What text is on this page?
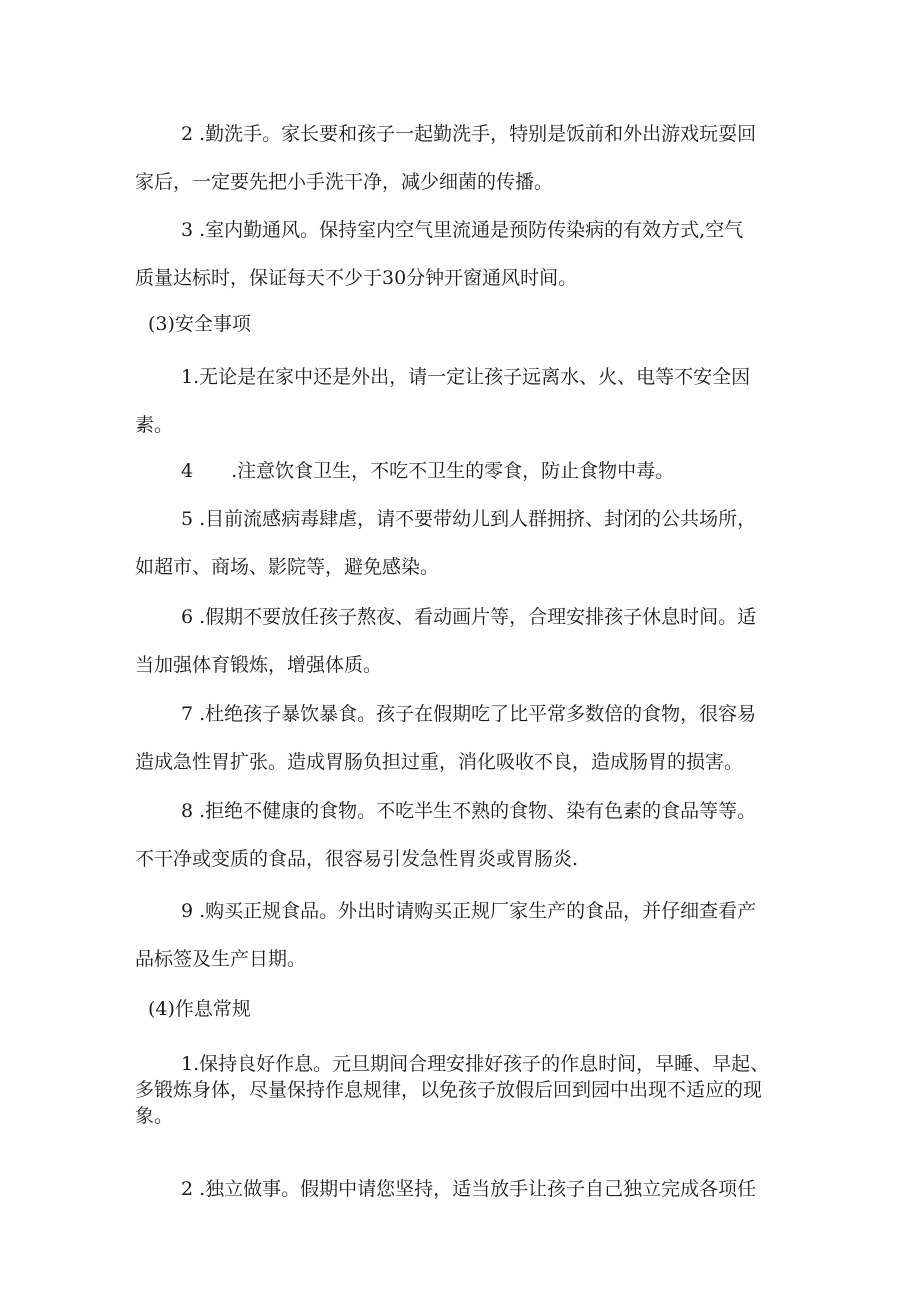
2 .勤洗手。家长要和孩子一起勤洗手，特别是饭前和外出游戏玩耍回
家后，一定要先把小手洗干净，减少细菌的传播。
3 .室内勤通风。保持室内空气里流通是预防传染病的有效方式,空气
质量达标时，保证每天不少于30分钟开窗通风时间。
(3)安全事项
1.无论是在家中还是外出，请一定让孩子远离水、火、电等不安全因
素。
4 .注意饮食卫生，不吃不卫生的零食，防止食物中毒。
5 .目前流感病毒肆虐，请不要带幼儿到人群拥挤、封闭的公共场所，
如超市、商场、影院等，避免感染。
6 .假期不要放任孩子熬夜、看动画片等，合理安排孩子休息时间。适
当加强体育锻炼，增强体质。
7 .杜绝孩子暴饮暴食。孩子在假期吃了比平常多数倍的食物，很容易
造成急性胃扩张。造成胃肠负担过重，消化吸收不良，造成肠胃的损害。
8 .拒绝不健康的食物。不吃半生不熟的食物、染有色素的食品等等。
不干净或变质的食品，很容易引发急性胃炎或胃肠炎.
9 .购买正规食品。外出时请购买正规厂家生产的食品，并仔细查看产
品标签及生产日期。
(4)作息常规
1.保持良好作息。元旦期间合理安排好孩子的作息时间，早睡、早起、
多锻炼身体，尽量保持作息规律，以免孩子放假后回到园中出现不适应的现
象。
2 .独立做事。假期中请您坚持，适当放手让孩子自己独立完成各项任
